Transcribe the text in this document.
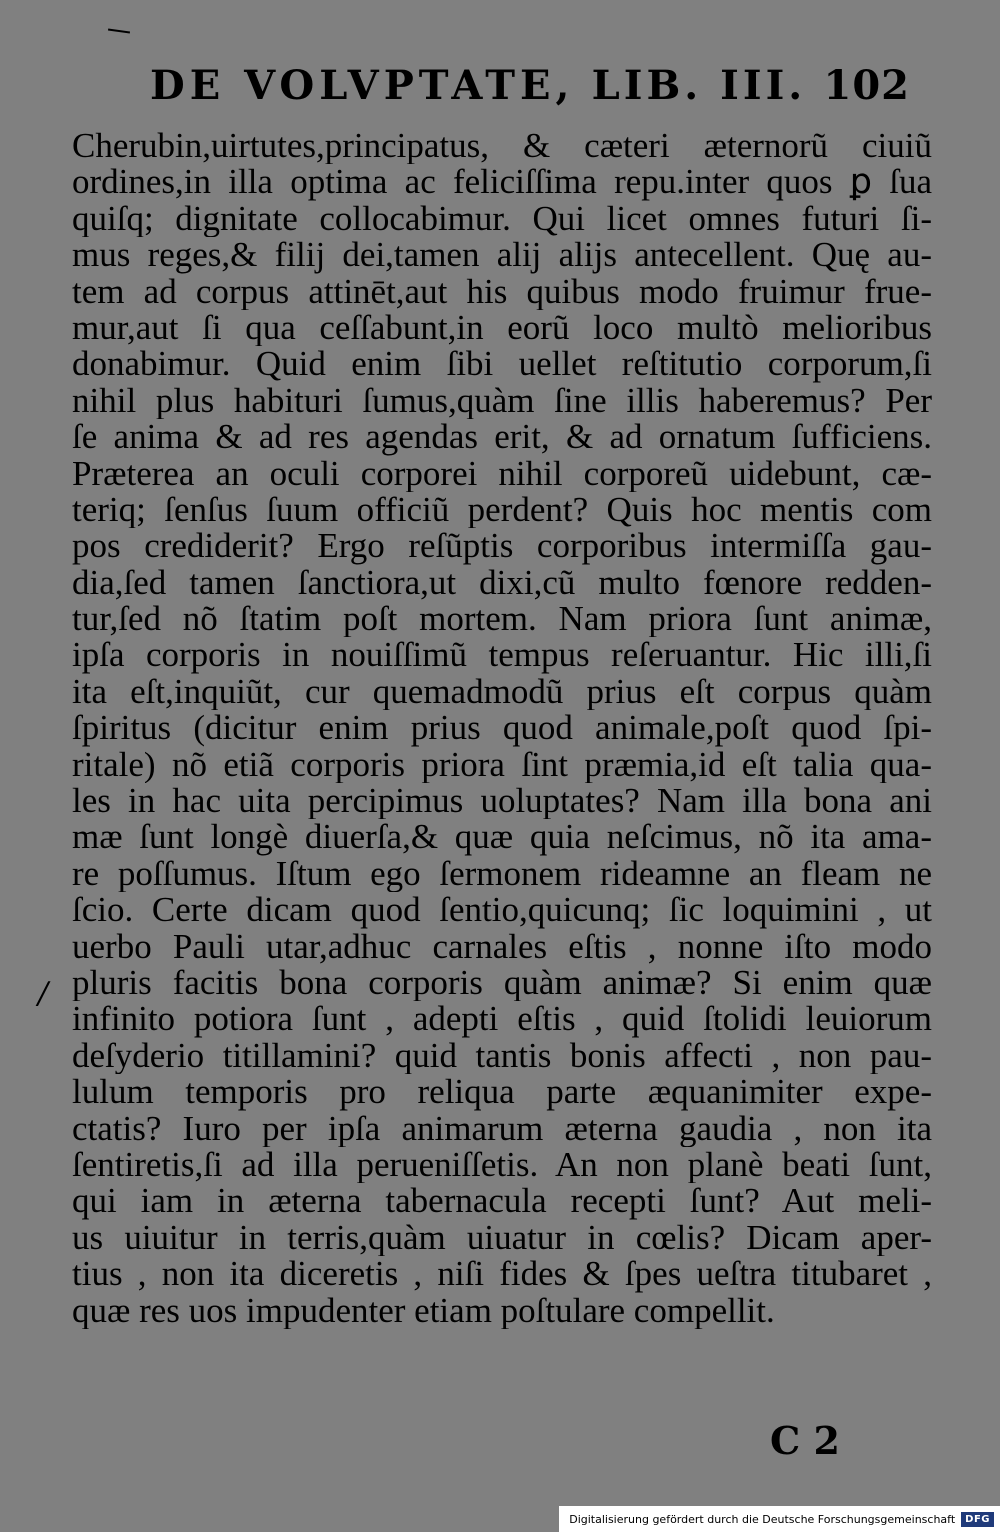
DE VOLVPTATE, LIB. III. 102
/
Cherubin,uirtutes,principatus, & cæteri æternorũ ciuiũ
ordines,in illa optima ac feliciſſima repu.inter quos ꝑ ſua
quiſq; dignitate collocabimur. Qui licet omnes futuri ſi-
mus reges,& filij dei,tamen alij alijs antecellent. Quę au-
tem ad corpus attinēt,aut his quibus modo fruimur frue-
mur,aut ſi qua ceſſabunt,in eorũ loco multò melioribus
donabimur. Quid enim ſibi uellet reſtitutio corporum,ſi
nihil plus habituri ſumus,quàm ſine illis haberemus? Per
ſe anima & ad res agendas erit, & ad ornatum ſufficiens.
Præterea an oculi corporei nihil corporeũ uidebunt, cæ-
teriq; ſenſus ſuum officiũ perdent? Quis hoc mentis com
pos crediderit? Ergo reſũptis corporibus intermiſſa gau-
dia,ſed tamen ſanctiora,ut dixi,cũ multo fœnore redden-
tur,ſed nõ ſtatim poſt mortem. Nam priora ſunt animæ,
ipſa corporis in nouiſſimũ tempus reſeruantur. Hic illi,ſi
ita eſt,inquiũt, cur quemadmodũ prius eſt corpus quàm
ſpiritus (dicitur enim prius quod animale,poſt quod ſpi-
ritale) nõ etiã corporis priora ſint præmia,id eſt talia qua-
les in hac uita percipimus uoluptates? Nam illa bona ani
mæ ſunt longè diuerſa,& quæ quia neſcimus, nõ ita ama-
re poſſumus. Iſtum ego ſermonem rideamne an fleam ne
ſcio. Certe dicam quod ſentio,quicunq; ſic loquimini , ut
uerbo Pauli utar,adhuc carnales eſtis , nonne iſto modo
pluris facitis bona corporis quàm animæ? Si enim quæ
infinito potiora ſunt , adepti eſtis , quid ſtolidi leuiorum
deſyderio titillamini? quid tantis bonis affecti , non pau-
lulum temporis pro reliqua parte æquanimiter expe-
ctatis? Iuro per ipſa animarum æterna gaudia , non ita
ſentiretis,ſi ad illa perueniſſetis. An non planè beati ſunt,
qui iam in æterna tabernacula recepti ſunt? Aut meli-
us uiuitur in terris,quàm uiuatur in cœlis? Dicam aper-
tius , non ita diceretis , niſi fides & ſpes ueſtra titubaret ,
quæ res uos impudenter etiam poſtulare compellit.
C 2
Digitalisierung gefördert durch die Deutsche Forschungsgemeinschaft	DFG
